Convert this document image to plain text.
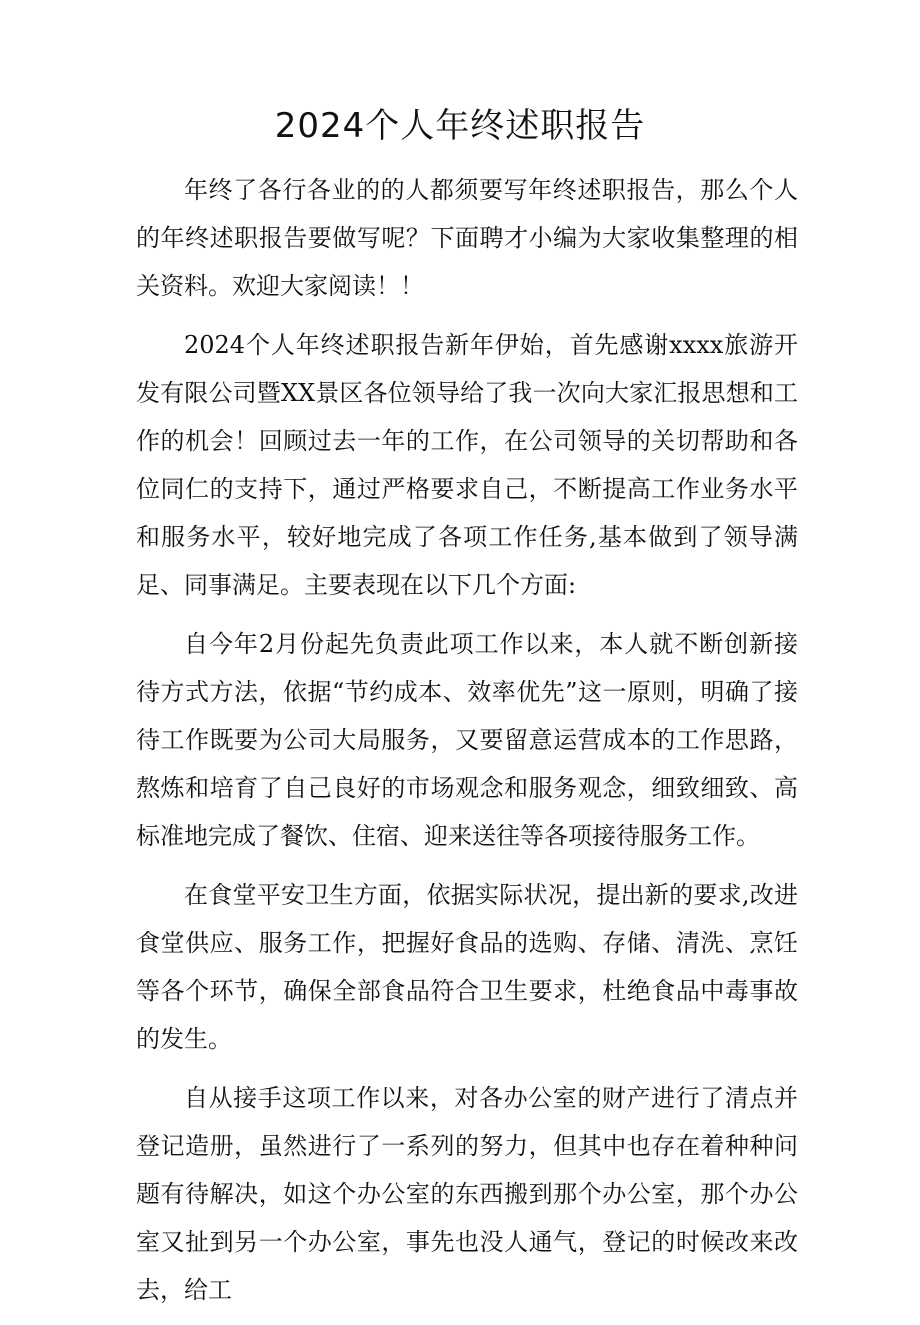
2024个人年终述职报告

年终了各行各业的的人都须要写年终述职报告，那么个人的年终述职报告要做写呢？下面聘才小编为大家收集整理的相关资料。欢迎大家阅读！！

2024个人年终述职报告新年伊始，首先感谢xxxx旅游开发有限公司暨XX景区各位领导给了我一次向大家汇报思想和工作的机会！回顾过去一年的工作，在公司领导的关切帮助和各位同仁的支持下，通过严格要求自己，不断提高工作业务水平和服务水平，较好地完成了各项工作任务,基本做到了领导满足、同事满足。主要表现在以下几个方面:

自今年2月份起先负责此项工作以来，本人就不断创新接待方式方法，依据“节约成本、效率优先”这一原则，明确了接待工作既要为公司大局服务，又要留意运营成本的工作思路，熬炼和培育了自己良好的市场观念和服务观念，细致细致、高标准地完成了餐饮、住宿、迎来送往等各项接待服务工作。

在食堂平安卫生方面，依据实际状况，提出新的要求,改进食堂供应、服务工作，把握好食品的选购、存储、清洗、烹饪等各个环节，确保全部食品符合卫生要求，杜绝食品中毒事故的发生。

自从接手这项工作以来，对各办公室的财产进行了清点并登记造册，虽然进行了一系列的努力，但其中也存在着种种问题有待解决，如这个办公室的东西搬到那个办公室，那个办公室又扯到另一个办公室，事先也没人通气，登记的时候改来改去，给工
